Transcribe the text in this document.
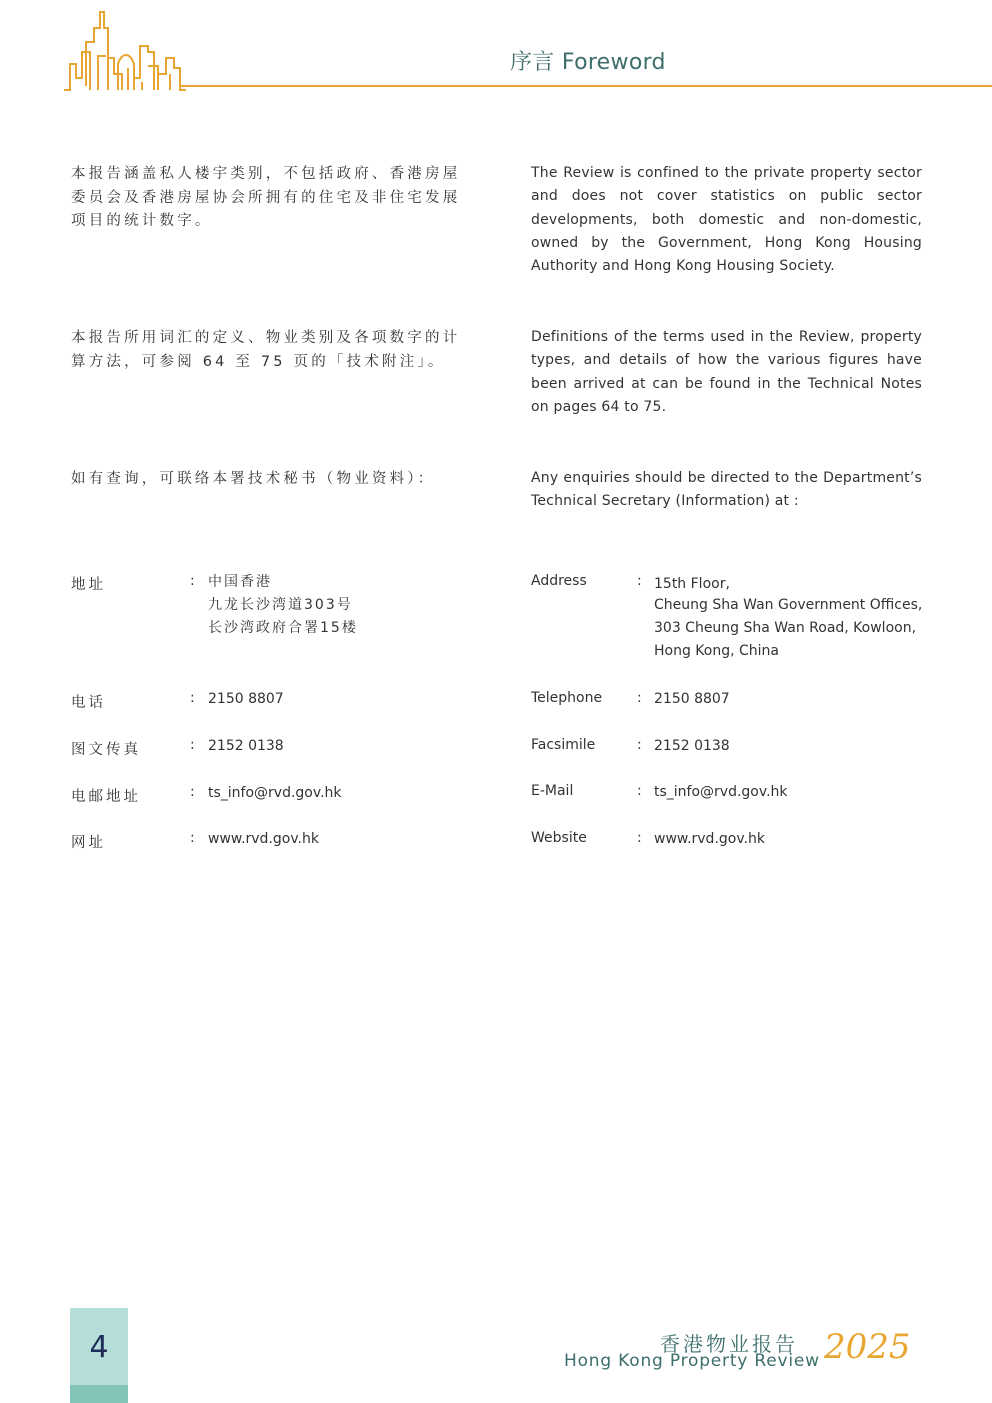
序言 Foreword
本报告涵盖私人楼宇类别，不包括政府、香港房屋委员会及香港房屋协会所拥有的住宅及非住宅发展项目的统计数字。
The Review is confined to the private property sector and does not cover statistics on public sector developments, both domestic and non-domestic, owned by the Government, Hong Kong Housing Authority and Hong Kong Housing Society.
本报告所用词汇的定义、物业类别及各项数字的计算方法，可参阅 64 至 75 页的「技术附注」。
Definitions of the terms used in the Review, property types, and details of how the various figures have been arrived at can be found in the Technical Notes on pages 64 to 75.
如有查询，可联络本署技术秘书（物业资料）：	Any enquiries should be directed to the Department’s Technical Secretary (Information) at :
地址	: 中国香港
九龙长沙湾道303号
长沙湾政府合署15楼
电话	: 2150 8807
图文传真	: 2152 0138
电邮地址	: ts_info@rvd.gov.hk
网址	: www.rvd.gov.hk
Address	: 15th Floor,
Cheung Sha Wan Government Offices,
303 Cheung Sha Wan Road, Kowloon,
Hong Kong, China
Telephone : 2150 8807
Facsimile	: 2152 0138
E-Mail	: ts_info@rvd.gov.hk
Website	: www.rvd.gov.hk
4	香港物业报告
Hong Kong Property Review 2025
